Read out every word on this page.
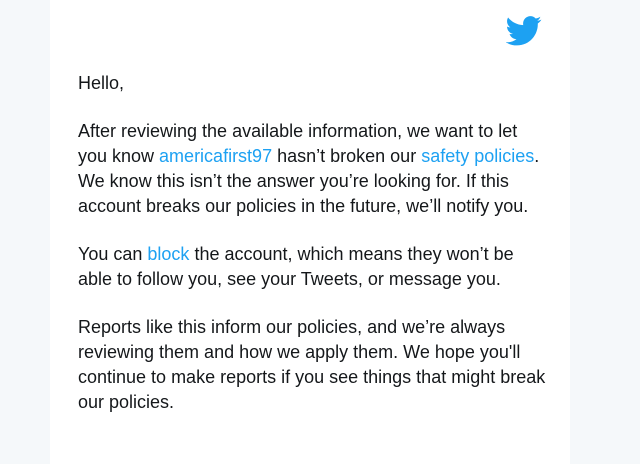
Hello,

After reviewing the available information, we want to let you know americafirst97 hasn’t broken our safety policies. We know this isn’t the answer you’re looking for. If this account breaks our policies in the future, we’ll notify you.

You can block the account, which means they won’t be able to follow you, see your Tweets, or message you.

Reports like this inform our policies, and we’re always reviewing them and how we apply them. We hope you'll continue to make reports if you see things that might break our policies.
